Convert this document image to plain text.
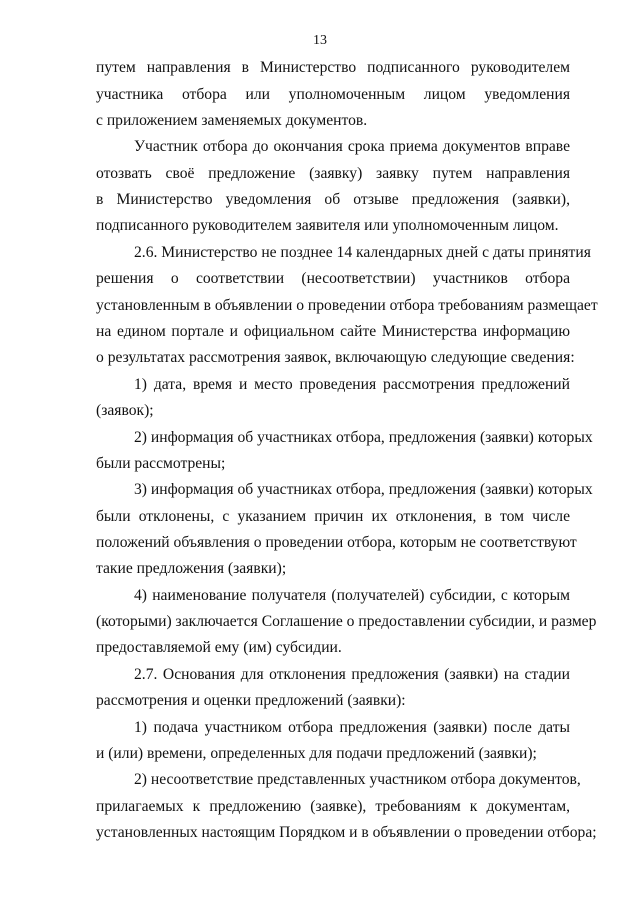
13
путем направления в Министерство подписанного руководителем
участника отбора или уполномоченным лицом уведомления
с приложением заменяемых документов.
Участник отбора до окончания срока приема документов вправе
отозвать своё предложение (заявку) заявку путем направления
в Министерство уведомления об отзыве предложения (заявки),
подписанного руководителем заявителя или уполномоченным лицом.
2.6. Министерство не позднее 14 календарных дней с даты принятия
решения о соответствии (несоответствии) участников отбора
установленным в объявлении о проведении отбора требованиям размещает
на едином портале и официальном сайте Министерства информацию
о результатах рассмотрения заявок, включающую следующие сведения:
1) дата, время и место проведения рассмотрения предложений
(заявок);
2) информация об участниках отбора, предложения (заявки) которых
были рассмотрены;
3) информация об участниках отбора, предложения (заявки) которых
были отклонены, с указанием причин их отклонения, в том числе
положений объявления о проведении отбора, которым не соответствуют
такие предложения (заявки);
4) наименование получателя (получателей) субсидии, с которым
(которыми) заключается Соглашение о предоставлении субсидии, и размер
предоставляемой ему (им) субсидии.
2.7. Основания для отклонения предложения (заявки) на стадии
рассмотрения и оценки предложений (заявки):
1) подача участником отбора предложения (заявки) после даты
и (или) времени, определенных для подачи предложений (заявки);
2) несоответствие представленных участником отбора документов,
прилагаемых к предложению (заявке), требованиям к документам,
установленных настоящим Порядком и в объявлении о проведении отбора;
